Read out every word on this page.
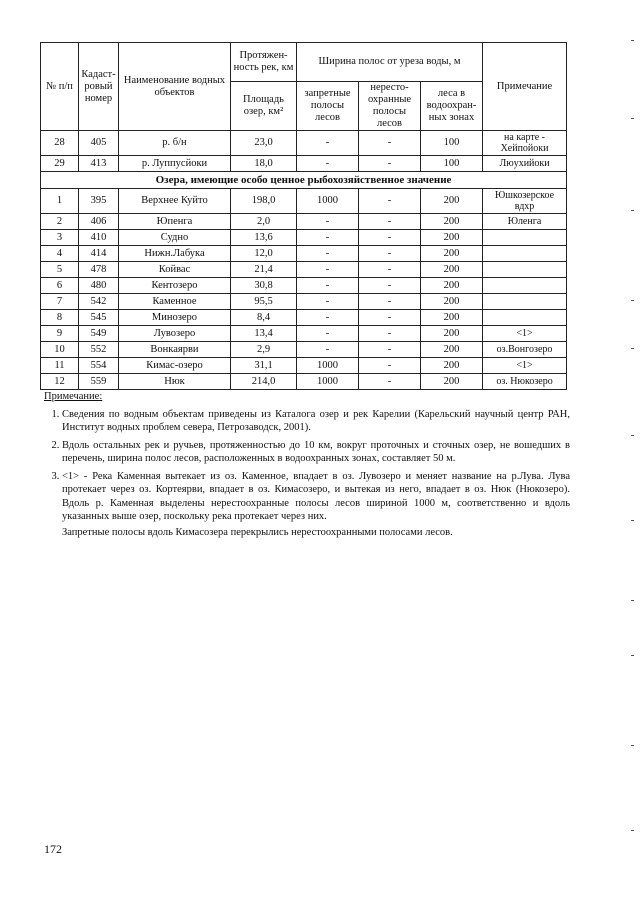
№ п/п	Кадаст-ровый номер	Наименование водных объектов	Протяжен-ность рек, км	Ширина полос от уреза воды, м			Примечание
			Площадь озер, км²	запретные полосы лесов	нересто-охранные полосы лесов	леса в водоохран-ных зонах	
28	405	р. б/н	23,0	-	-	100	на карте - Хейпойоки
29	413	р. Луппусйоки	18,0	-	-	100	Люухийоки
Озера, имеющие особо ценное рыбохозяйственное значение							
1	395	Верхнее Куйто	198,0	1000	-	200	Юшкозерское вдхр
2	406	Юпенга	2,0	-	-	200	Юленга
3	410	Судно	13,6	-	-	200	
4	414	Нижн.Лабука	12,0	-	-	200	
5	478	Койвас	21,4	-	-	200	
6	480	Кентозеро	30,8	-	-	200	
7	542	Каменное	95,5	-	-	200	
8	545	Минозеро	8,4	-	-	200	
9	549	Лувозеро	13,4	-	-	200	<1>
10	552	Вонкаярви	2,9	-	-	200	оз.Вонгозеро
11	554	Кимас-озеро	31,1	1000	-	200	<1>
12	559	Нюк	214,0	1000	-	200	оз. Нюкозеро
Примечание:
1. Сведения по водным объектам приведены из Каталога озер и рек Карелии (Карельский научный центр РАН, Институт водных проблем севера, Петрозаводск, 2001).
2. Вдоль остальных рек и ручьев, протяженностью до 10 км, вокруг проточных и сточных озер, не вошедших в перечень, ширина полос лесов, расположенных в водоохранных зонах, составляет 50 м.
3. <1> - Река Каменная вытекает из оз. Каменное, впадает в оз. Лувозеро и меняет название на р.Лува. Лува протекает через оз. Кортеярви, впадает в оз. Кимасозеро, и вытекая из него, впадает в оз. Нюк (Нюкозеро). Вдоль р. Каменная выделены нерестоохранные полосы лесов шириной 1000 м, соответственно и вдоль указанных выше озер, поскольку река протекает через них.
Запретные полосы вдоль Кимасозера перекрылись нерестоохранными полосами лесов.
172
